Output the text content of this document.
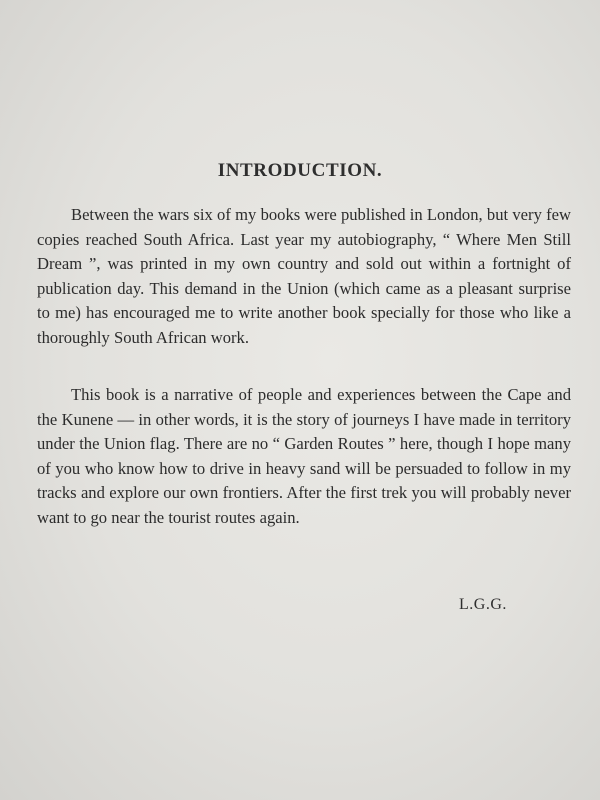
INTRODUCTION.

Between the wars six of my books were published in London, but very few copies reached South Africa. Last year my autobiography, “ Where Men Still Dream ”, was printed in my own country and sold out within a fortnight of publication day. This demand in the Union (which came as a pleasant surprise to me) has encouraged me to write another book specially for those who like a thoroughly South African work.

This book is a narrative of people and experiences between the Cape and the Kunene — in other words, it is the story of journeys I have made in territory under the Union flag. There are no “ Garden Routes ” here, though I hope many of you who know how to drive in heavy sand will be persuaded to follow in my tracks and explore our own frontiers. After the first trek you will probably never want to go near the tourist routes again.

L.G.G.
